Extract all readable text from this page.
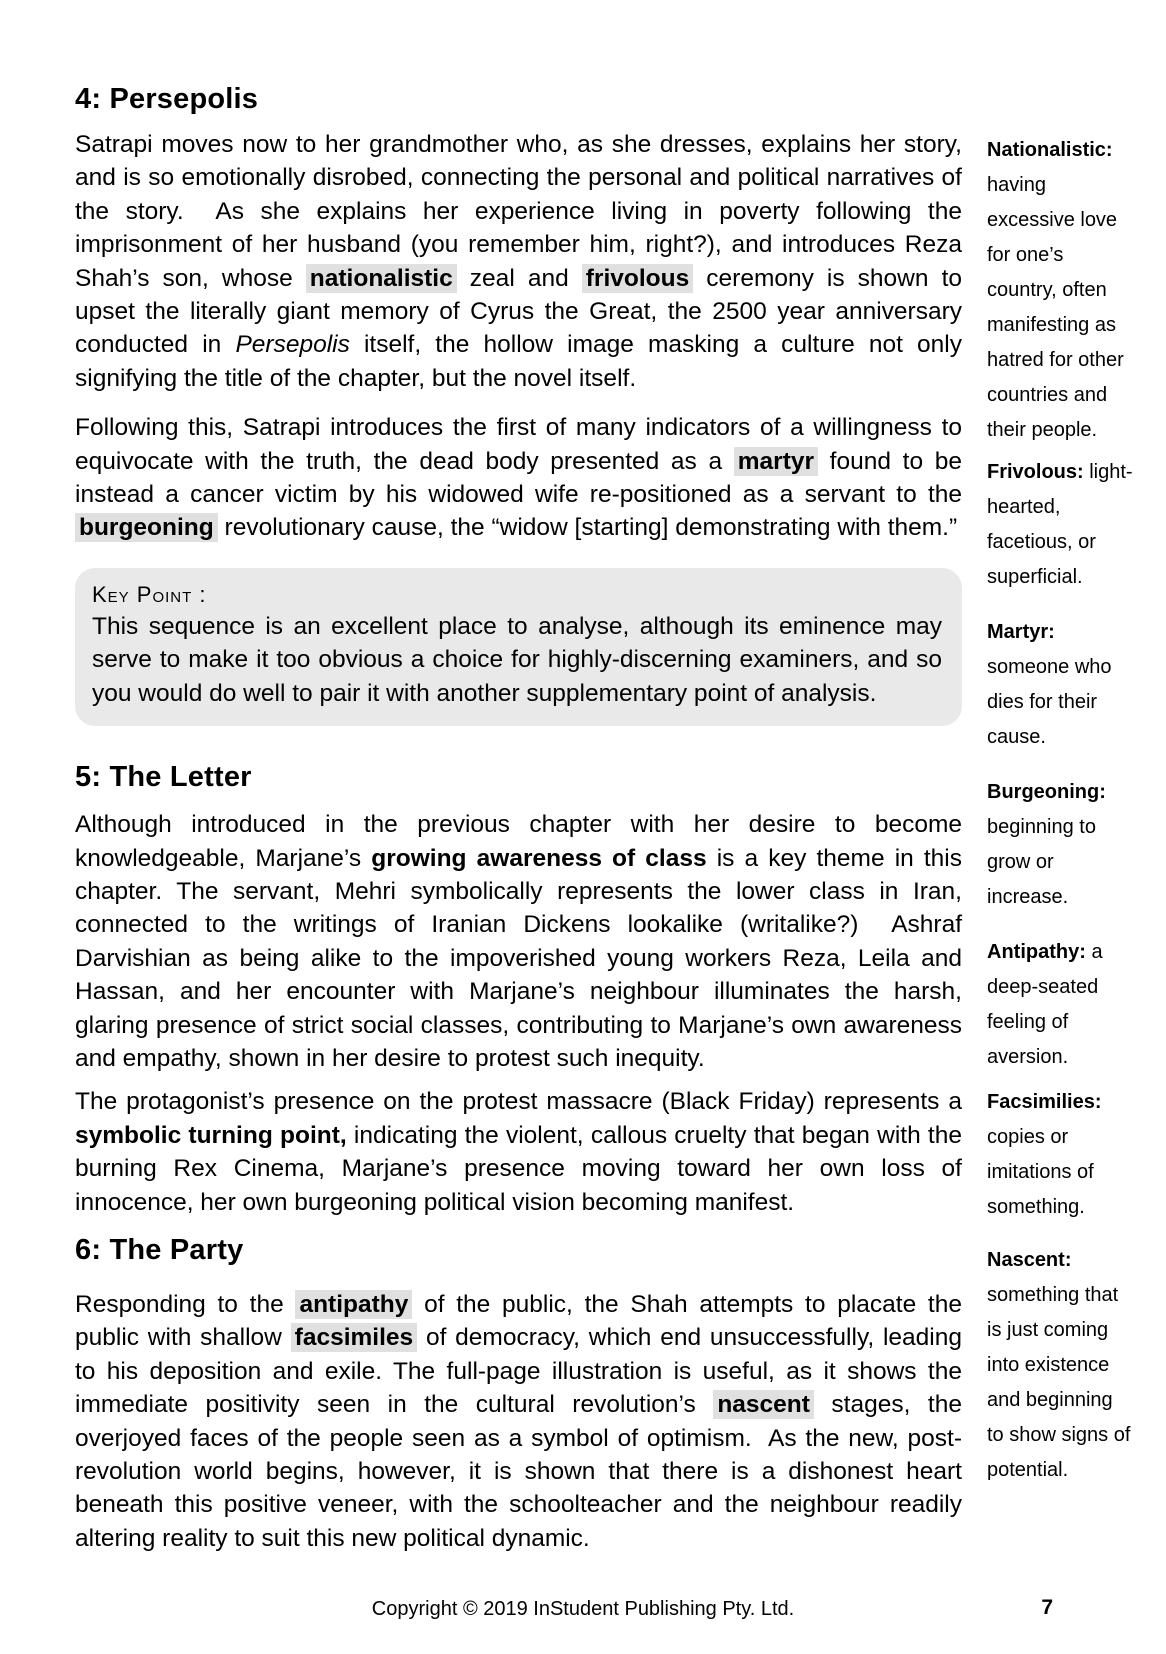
4: Persepolis

Satrapi moves now to her grandmother who, as she dresses, explains her story, and is so emotionally disrobed, connecting the personal and political narratives of the story.  As she explains her experience living in poverty following the imprisonment of her husband (you remember him, right?), and introduces Reza Shah’s son, whose nationalistic zeal and frivolous ceremony is shown to upset the literally giant memory of Cyrus the Great, the 2500 year anniversary conducted in Persepolis itself, the hollow image masking a culture not only signifying the title of the chapter, but the novel itself.

Following this, Satrapi introduces the first of many indicators of a willingness to equivocate with the truth, the dead body presented as a martyr found to be instead a cancer victim by his widowed wife re-positioned as a servant to the burgeoning revolutionary cause, the “widow [starting] demonstrating with them.”

Key Point :

This sequence is an excellent place to analyse, although its eminence may serve to make it too obvious a choice for highly-discerning examiners, and so you would do well to pair it with another supplementary point of analysis.

5: The Letter

Although introduced in the previous chapter with her desire to become knowledgeable, Marjane’s growing awareness of class is a key theme in this chapter. The servant, Mehri symbolically represents the lower class in Iran, connected to the writings of Iranian Dickens lookalike (writalike?)  Ashraf Darvishian as being alike to the impoverished young workers Reza, Leila and Hassan, and her encounter with Marjane’s neighbour illuminates the harsh, glaring presence of strict social classes, contributing to Marjane’s own awareness and empathy, shown in her desire to protest such inequity.

The protagonist’s presence on the protest massacre (Black Friday) represents a symbolic turning point, indicating the violent, callous cruelty that began with the burning Rex Cinema, Marjane’s presence moving toward her own loss of innocence, her own burgeoning political vision becoming manifest.

6: The Party

Responding to the antipathy of the public, the Shah attempts to placate the public with shallow facsimiles of democracy, which end unsuccessfully, leading to his deposition and exile. The full-page illustration is useful, as it shows the immediate positivity seen in the cultural revolution’s nascent stages, the overjoyed faces of the people seen as a symbol of optimism.  As the new, post-revolution world begins, however, it is shown that there is a dishonest heart beneath this positive veneer, with the schoolteacher and the neighbour readily altering reality to suit this new political dynamic.

Nationalistic: having excessive love for one’s country, often manifesting as hatred for other countries and their people.
Frivolous: light-hearted, facetious, or superficial.
Martyr: someone who dies for their cause.
Burgeoning: beginning to grow or increase.
Antipathy: a deep-seated feeling of aversion.
Facsimilies: copies or imitations of something.
Nascent: something that is just coming into existence and beginning to show signs of potential.
Copyright © 2019 InStudent Publishing Pty. Ltd.	7
